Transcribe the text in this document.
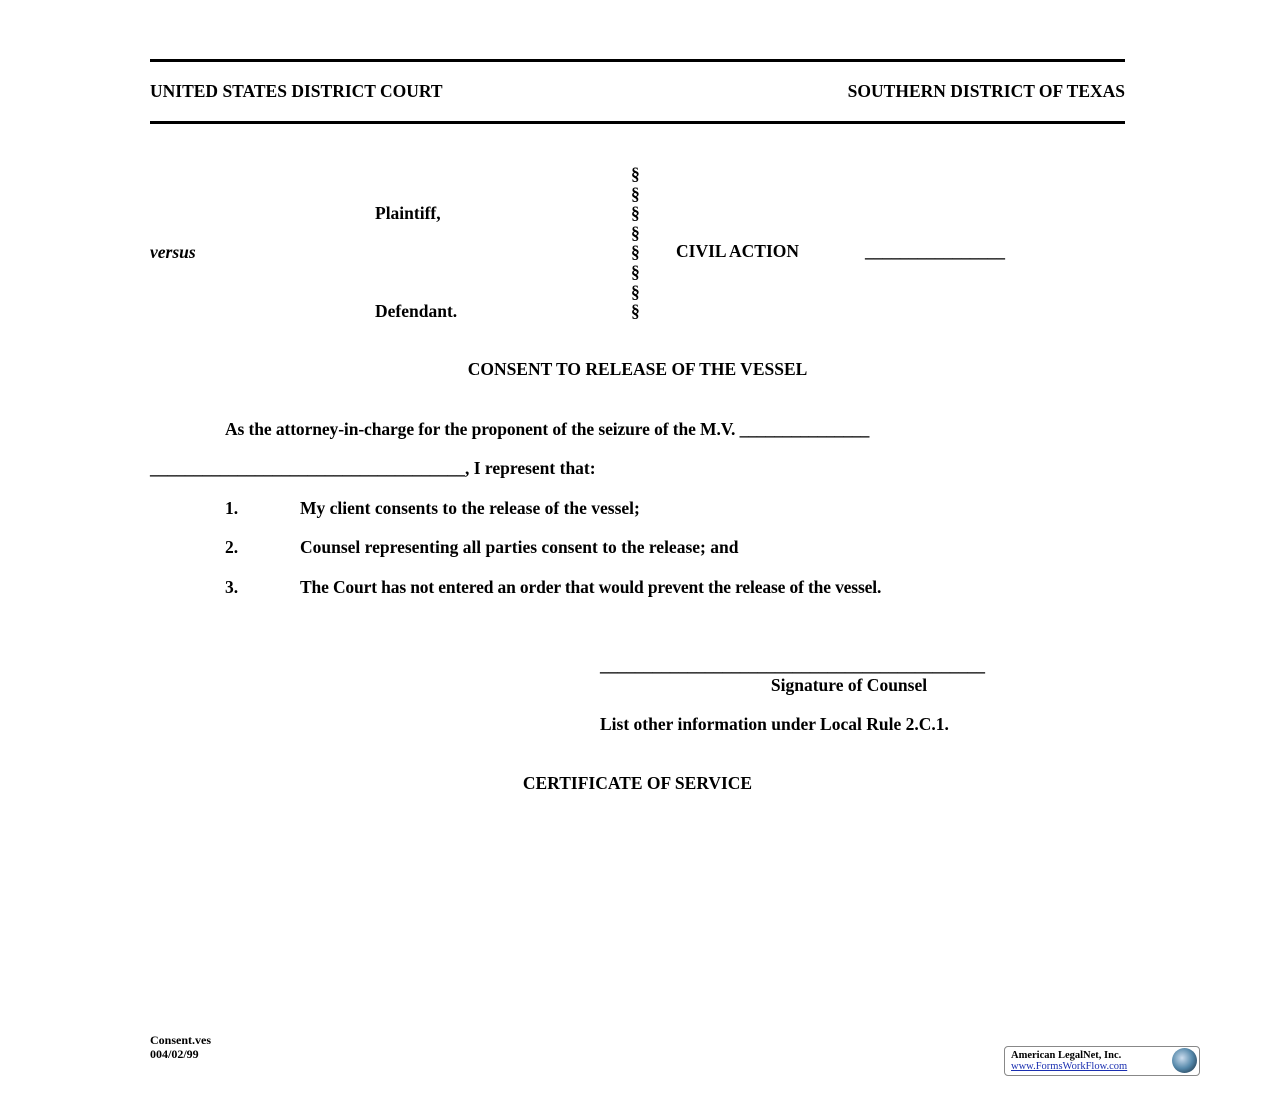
UNITED STATES DISTRICT COURT	SOUTHERN DISTRICT OF TEXAS
§
§
§
§
§
§
§
§
Plaintiff,
versus	CIVIL ACTION	________________
Defendant.
CONSENT TO RELEASE OF THE VESSEL
As the attorney-in-charge for the proponent of the seizure of the M.V. _______________
____________________________________, I represent that:
1.	My client consents to the release of the vessel;
2.	Counsel representing all parties consent to the release; and
3.	The Court has not entered an order that would prevent the release of the vessel.
____________________________________________
Signature of Counsel
List other information under Local Rule 2.C.1.
CERTIFICATE OF SERVICE
Consent.ves
004/02/99	American LegalNet, Inc.
www.FormsWorkFlow.com
